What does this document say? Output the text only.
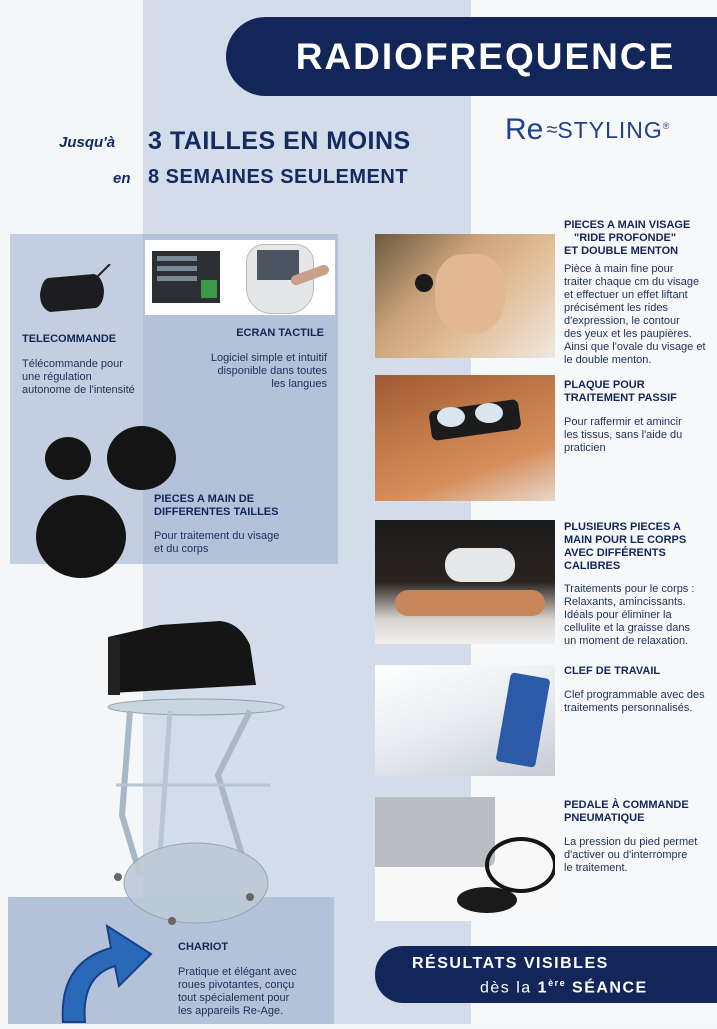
RADIOFREQUENCE
Re ≈ STYLING ®
Jusqu'à 3 TAILLES EN MOINS
en 8 SEMAINES SEULEMENT
TELECOMMANDE
Télécommande pour
une régulation
autonome de l'intensité
ECRAN TACTILE
Logiciel simple et intuitif
disponible dans toutes
les langues
PIECES A MAIN DE
DIFFERENTES TAILLES
Pour traitement du visage
et du corps
CHARIOT
Pratique et élégant avec
roues pivotantes, conçu
tout spécialement pour
les appareils Re-Age.
PIECES A MAIN VISAGE
"RIDE PROFONDE"
ET DOUBLE MENTON
Pièce à main fine pour
traiter chaque cm du visage
et effectuer un effet liftant
précisément les rides
d'expression, le contour
des yeux et les paupières.
Ainsi que l'ovale du visage et
le double menton.
PLAQUE POUR
TRAITEMENT PASSIF
Pour raffermir et amincir
les tissus, sans l'aide du
praticien
PLUSIEURS PIECES A
MAIN POUR LE CORPS
AVEC DIFFÉRENTS
CALIBRES
Traitements pour le corps :
Relaxants, amincissants.
Idéals pour éliminer la
cellulite et la graisse dans
un moment de relaxation.
CLEF DE TRAVAIL
Clef programmable avec des
traitements personnalisés.
PEDALE À COMMANDE
PNEUMATIQUE
La pression du pied permet
d'activer ou d'interrompre
le traitement.
RÉSULTATS VISIBLES
dès la 1ère SÉANCE
